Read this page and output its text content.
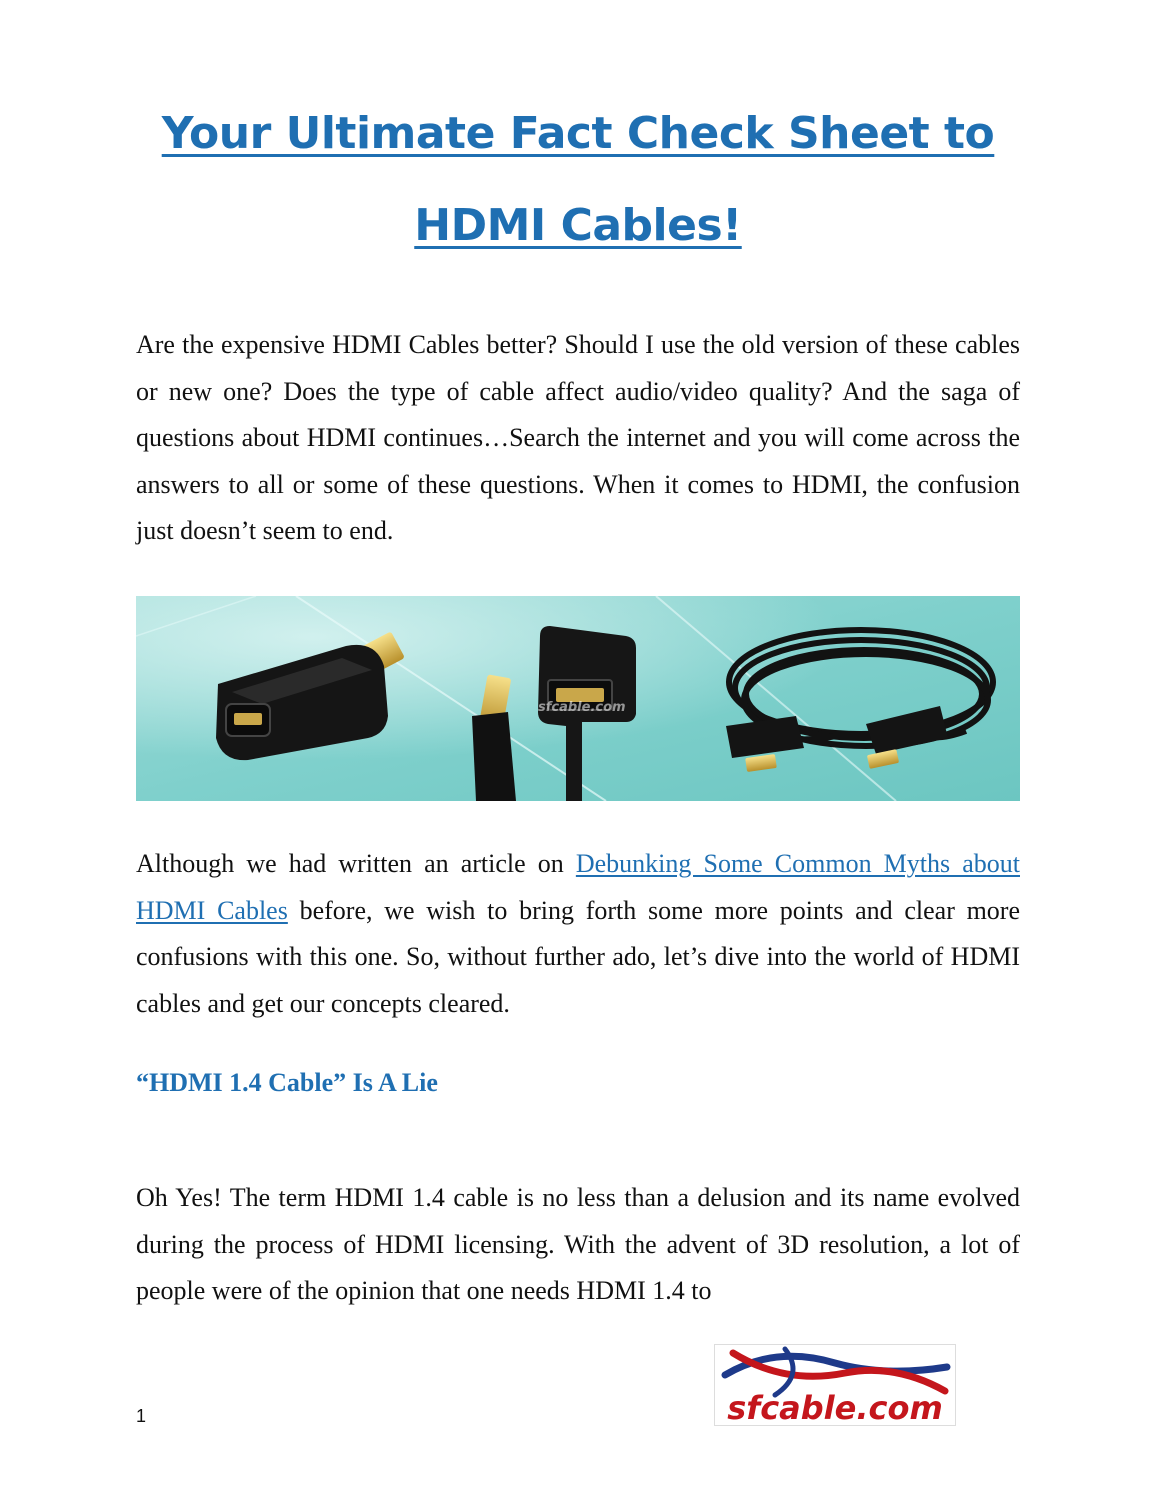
Your Ultimate Fact Check Sheet to HDMI Cables!

Are the expensive HDMI Cables better? Should I use the old version of these cables or new one? Does the type of cable affect audio/video quality? And the saga of questions about HDMI continues…Search the internet and you will come across the answers to all or some of these questions. When it comes to HDMI, the confusion just doesn’t seem to end.

sfcable.com

Although we had written an article on Debunking Some Common Myths about HDMI Cables before, we wish to bring forth some more points and clear more confusions with this one. So, without further ado, let’s dive into the world of HDMI cables and get our concepts cleared.

“HDMI 1.4 Cable” Is A Lie

Oh Yes! The term HDMI 1.4 cable is no less than a delusion and its name evolved during the process of HDMI licensing. With the advent of 3D resolution, a lot of people were of the opinion that one needs HDMI 1.4 to

1	sfcable.com
